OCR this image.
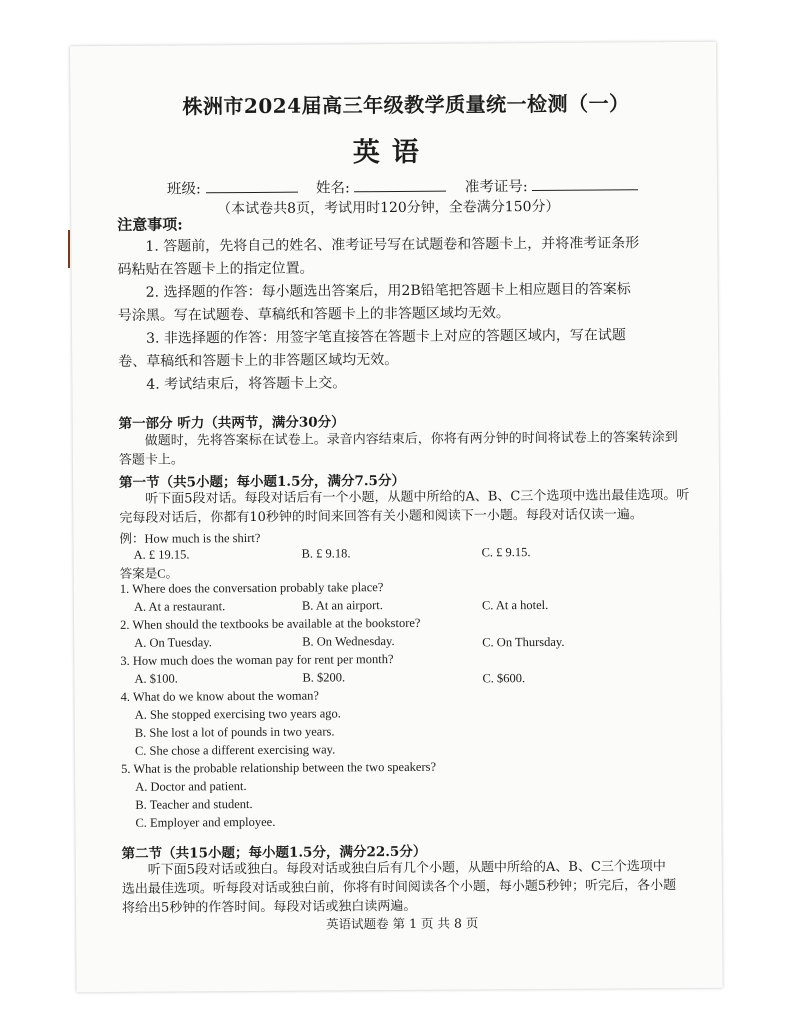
株洲市2024届高三年级教学质量统一检测（一）
英语
班级:	姓名:	准考证号:
（本试卷共8页，考试用时120分钟，全卷满分150分）
注意事项:

1. 答题前，先将自己的姓名、准考证号写在试题卷和答题卡上，并将准考证条形

码粘贴在答题卡上的指定位置。

2. 选择题的作答：每小题选出答案后，用2B铅笔把答题卡上相应题目的答案标

号涂黑。写在试题卷、草稿纸和答题卡上的非答题区域均无效。

3. 非选择题的作答：用签字笔直接答在答题卡上对应的答题区域内，写在试题

卷、草稿纸和答题卡上的非答题区域均无效。

4. 考试结束后，将答题卡上交。

第一部分 听力（共两节，满分30分）
做题时，先将答案标在试卷上。录音内容结束后，你将有两分钟的时间将试卷上的答案转涂到
答题卡上。
第一节（共5小题；每小题1.5分，满分7.5分）
听下面5段对话。每段对话后有一个小题，从题中所给的A、B、C三个选项中选出最佳选项。听
完每段对话后，你都有10秒钟的时间来回答有关小题和阅读下一小题。每段对话仅读一遍。
例：How much is the shirt?
A. £ 19.15.	B. £ 9.18.	C. £ 9.15.
答案是C。
1. Where does the conversation probably take place?
A. At a restaurant.	B. At an airport.	C. At a hotel.
2. When should the textbooks be available at the bookstore?
A. On Tuesday.	B. On Wednesday.	C. On Thursday.
3. How much does the woman pay for rent per month?
A. $100.	B. $200.	C. $600.
4. What do we know about the woman?
A. She stopped exercising two years ago.
B. She lost a lot of pounds in two years.
C. She chose a different exercising way.
5. What is the probable relationship between the two speakers?
A. Doctor and patient.
B. Teacher and student.
C. Employer and employee.
第二节（共15小题；每小题1.5分，满分22.5分）
听下面5段对话或独白。每段对话或独白后有几个小题，从题中所给的A、B、C三个选项中
选出最佳选项。听每段对话或独白前，你将有时间阅读各个小题，每小题5秒钟；听完后，各小题
将给出5秒钟的作答时间。每段对话或独白读两遍。
英语试题卷 第 1 页 共 8 页
